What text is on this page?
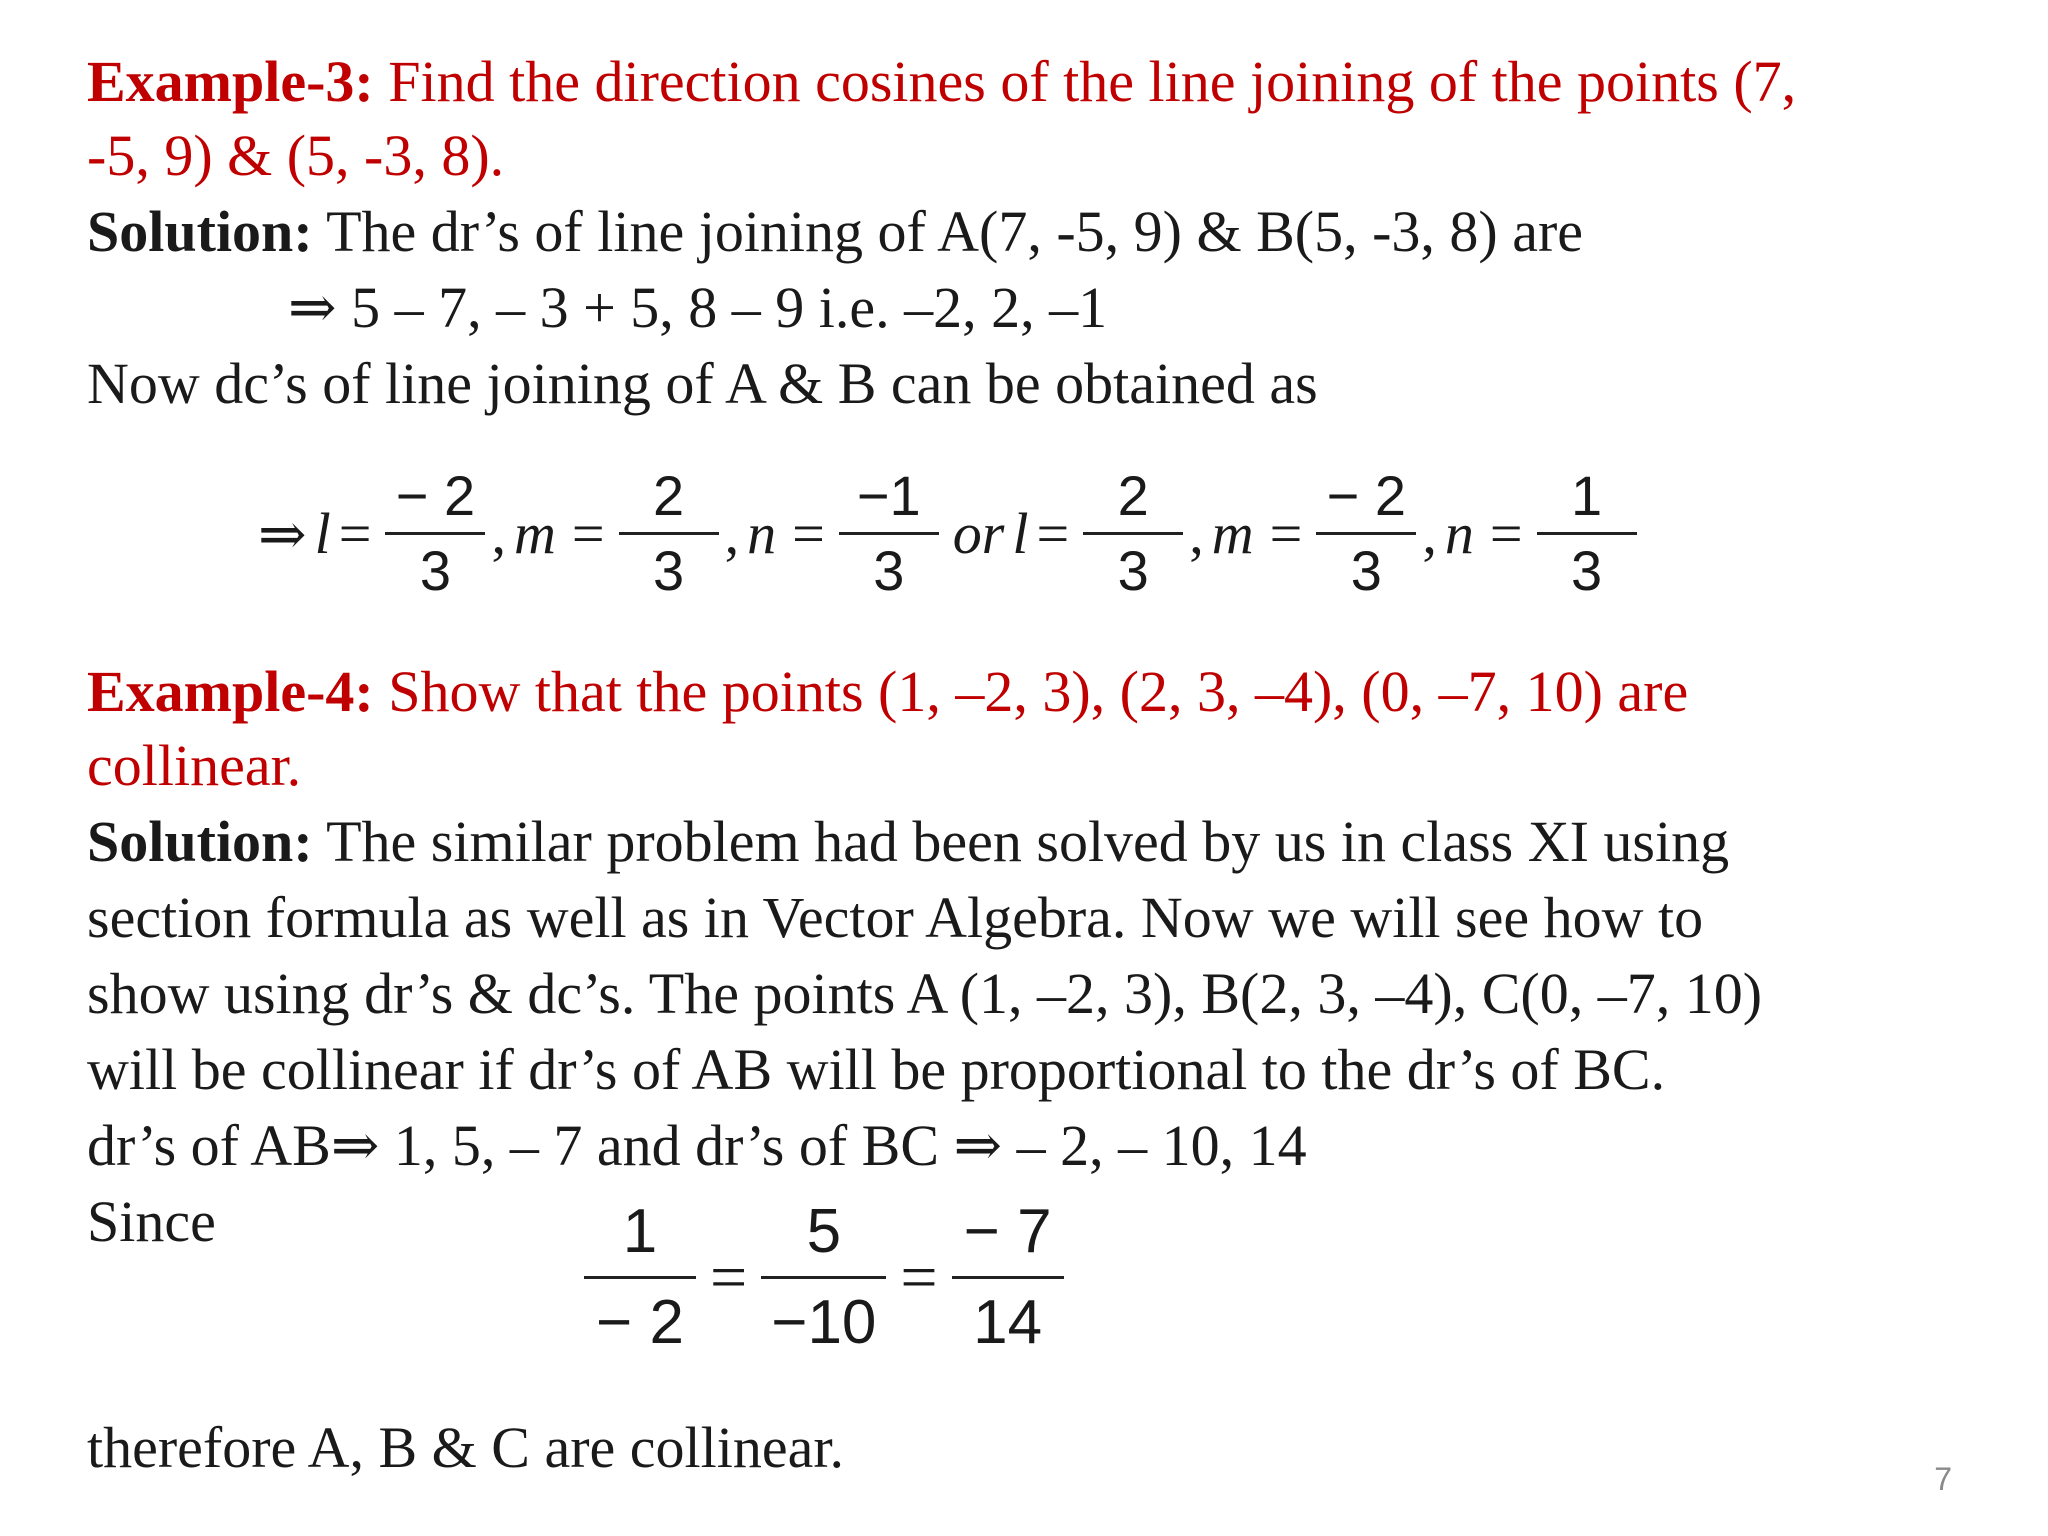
Example-3: Find the direction cosines of the line joining of the points (7,
-5, 9) & (5, -3, 8).
Solution: The dr’s of line joining of A(7, -5, 9) & B(5, -3, 8) are
⇒ 5 – 7, – 3 + 5, 8 – 9 i.e. –2, 2, –1
Now dc’s of line joining of A & B can be obtained as
⇒ $l = \frac{- 2}{3}$ , $m = \frac{2}{3}$ , $n = \frac{-1}{3}$ or $l = \frac{2}{3}$ , $m = \frac{- 2}{3}$ , $n = \frac{1}{3}$
Example-4: Show that the points (1, –2, 3), (2, 3, –4), (0, –7, 10) are
collinear.
Solution: The similar problem had been solved by us in class XI using
section formula as well as in Vector Algebra. Now we will see how to
show using dr’s & dc’s. The points A (1, –2, 3), B(2, 3, –4), C(0, –7, 10)
will be collinear if dr’s of AB will be proportional to the dr’s of BC.
dr’s of AB⇒ 1, 5, – 7 and dr’s of BC ⇒ – 2, – 10, 14
Since	$\frac{1}{- 2} = \frac{5}{-10} = \frac{- 7}{14}$
therefore A, B & C are collinear.	7
